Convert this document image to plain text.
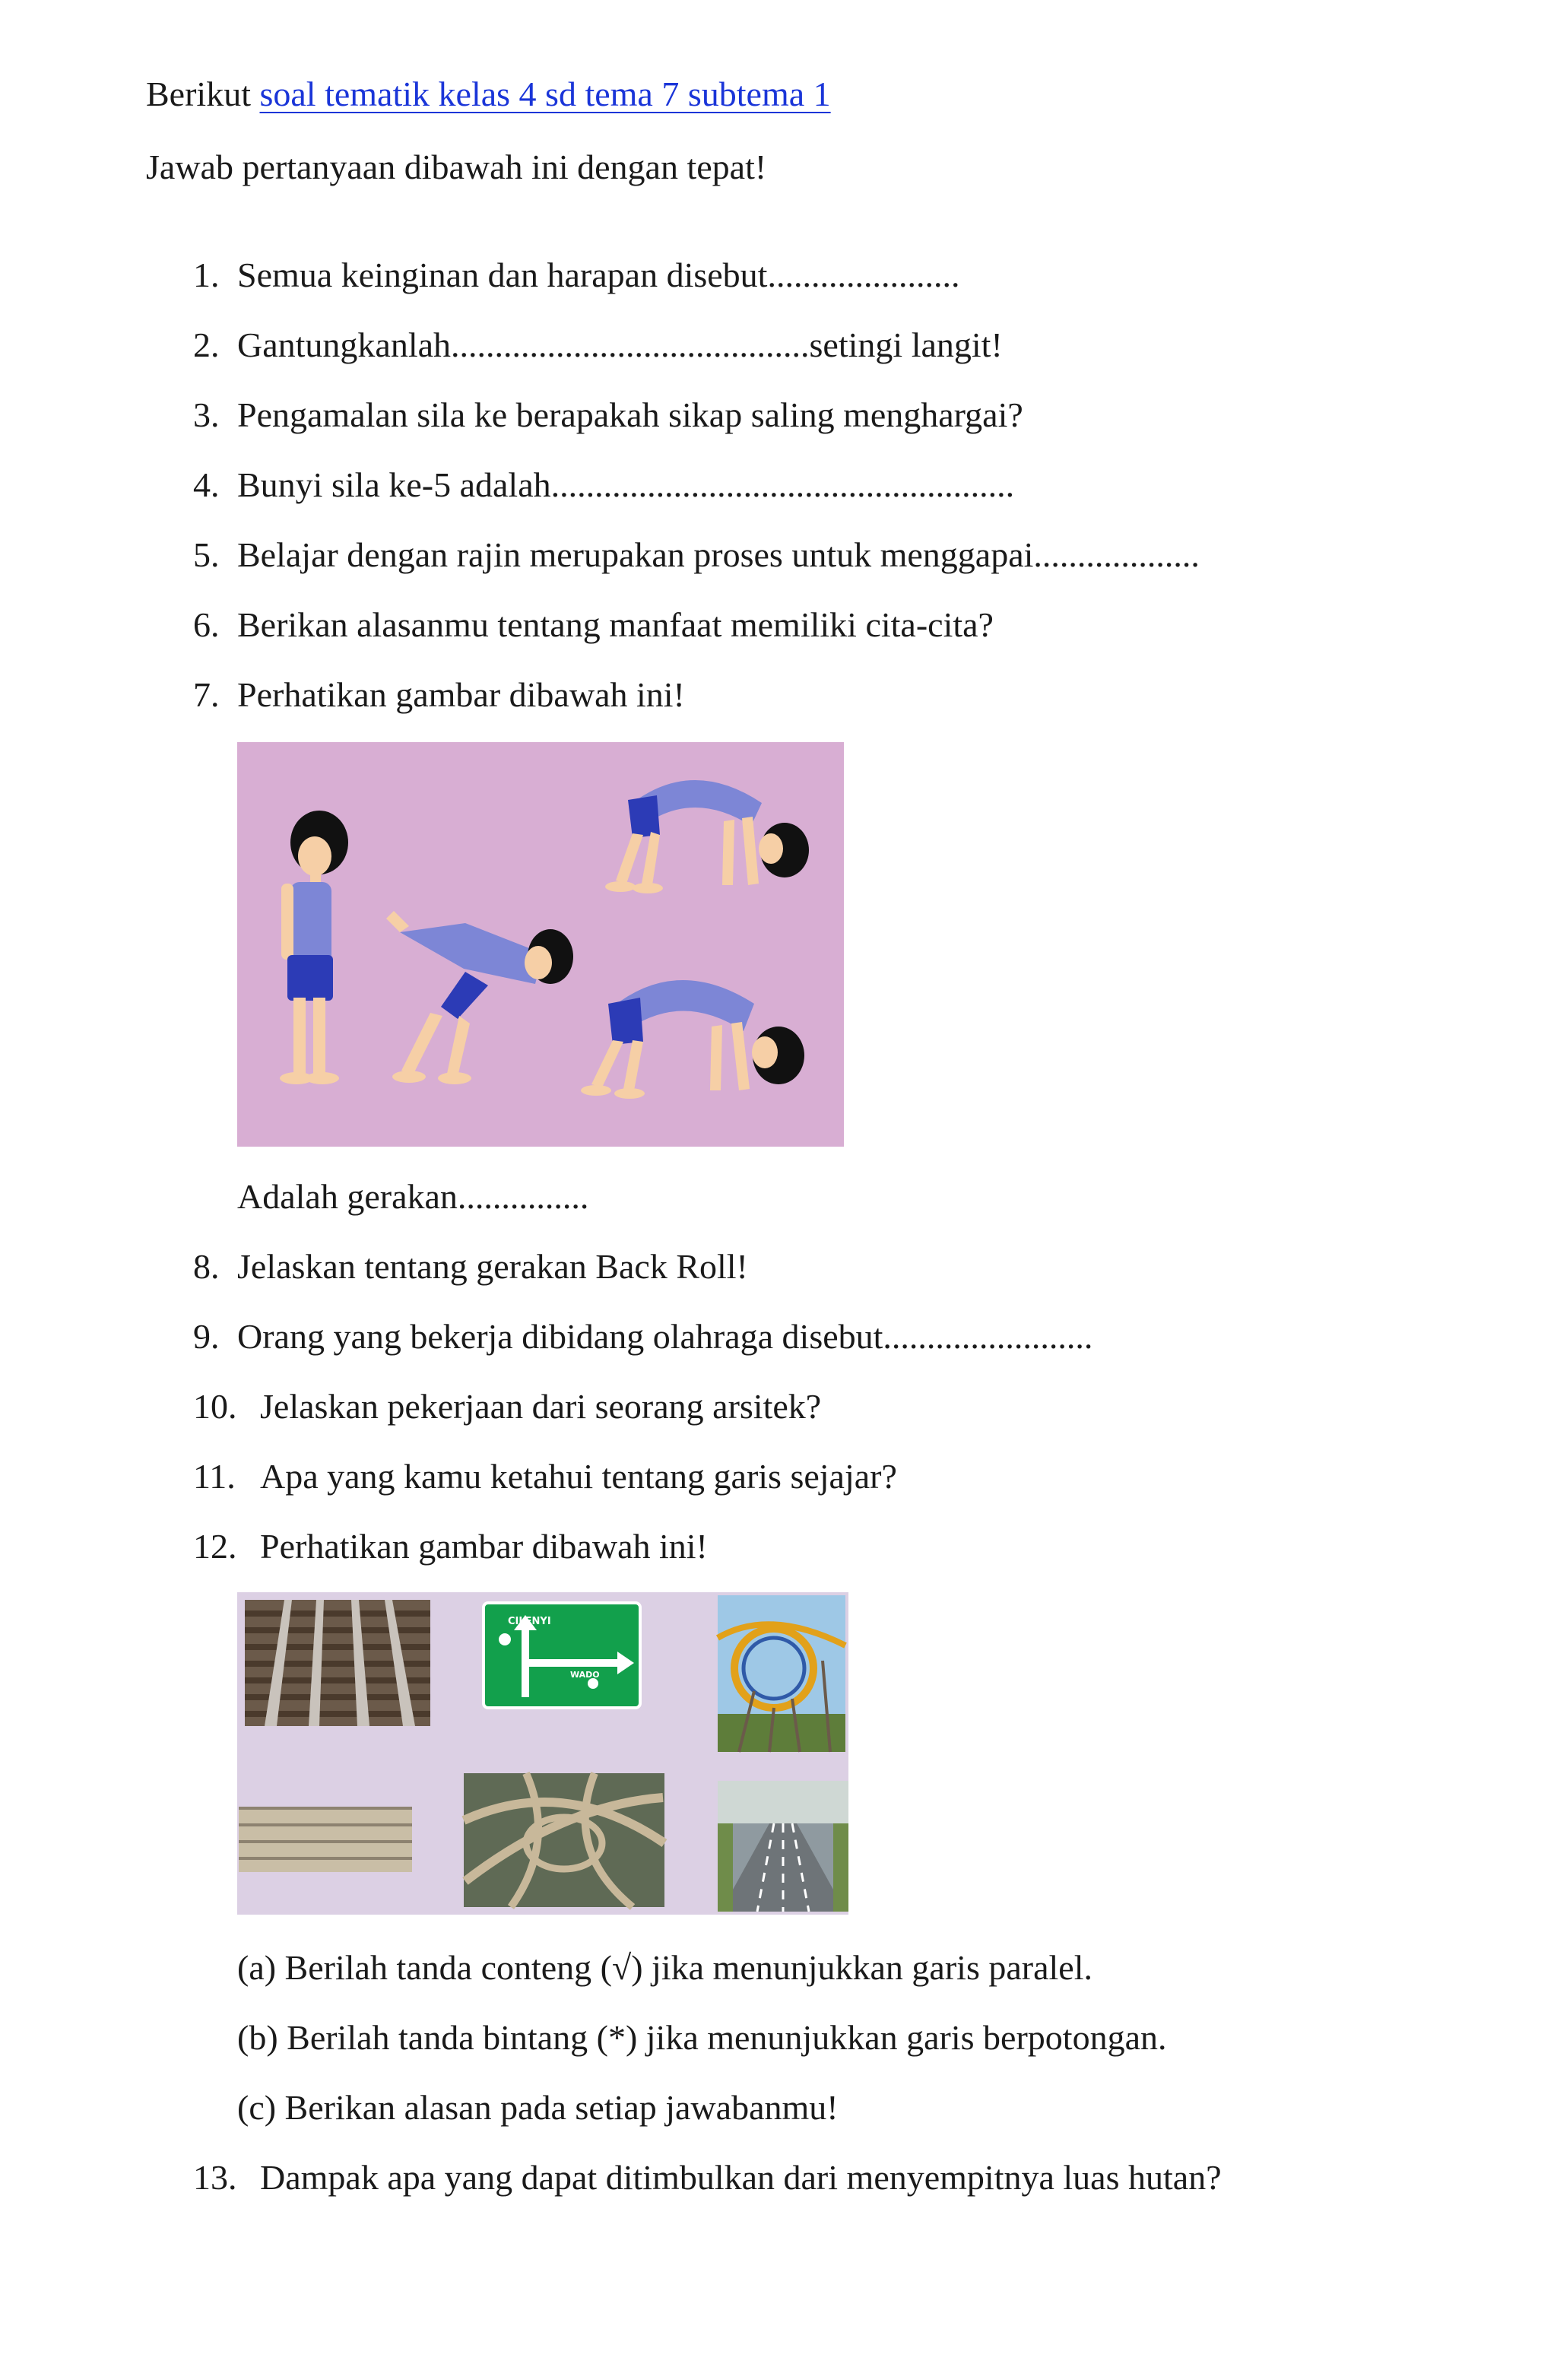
Berikut soal tematik kelas 4 sd tema 7 subtema 1
Jawab pertanyaan dibawah ini dengan tepat!
1. Semua keinginan dan harapan disebut......................
2. Gantungkanlah.........................................setingi langit!
3. Pengamalan sila ke berapakah sikap saling menghargai?
4. Bunyi sila ke-5 adalah.....................................................
5. Belajar dengan rajin merupakan proses untuk menggapai...................
6. Berikan alasanmu tentang manfaat memiliki cita-cita?
7. Perhatikan gambar dibawah ini!
Adalah gerakan...............
8. Jelaskan tentang gerakan Back Roll!
9. Orang yang bekerja dibidang olahraga disebut........................
10. Jelaskan pekerjaan dari seorang arsitek?
11. Apa yang kamu ketahui tentang garis sejajar?
12. Perhatikan gambar dibawah ini!
CILENYI
WADO
(a) Berilah tanda conteng (√) jika menunjukkan garis paralel.
(b) Berilah tanda bintang (*) jika menunjukkan garis berpotongan.
(c) Berikan alasan pada setiap jawabanmu!
13. Dampak apa yang dapat ditimbulkan dari menyempitnya luas hutan?
